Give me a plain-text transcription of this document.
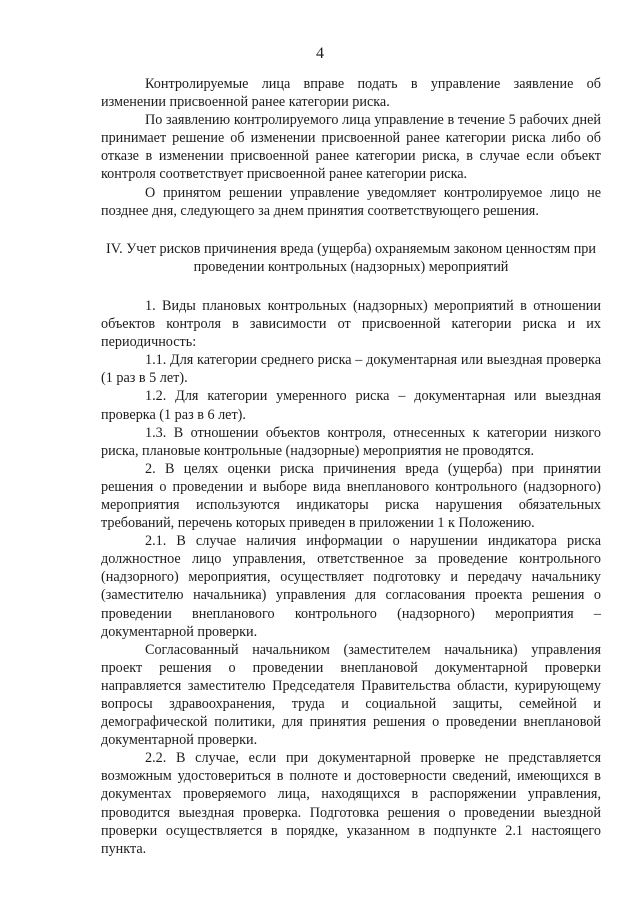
4

Контролируемые лица вправе подать в управление заявление об изменении присвоенной ранее категории риска.

По заявлению контролируемого лица управление в течение 5 рабочих дней принимает решение об изменении присвоенной ранее категории риска либо об отказе в изменении присвоенной ранее категории риска, в случае если объект контроля соответствует присвоенной ранее категории риска.

О принятом решении управление уведомляет контролируемое лицо не позднее дня, следующего за днем принятия соответствующего решения.

IV. Учет рисков причинения вреда (ущерба) охраняемым законом ценностям при проведении контрольных (надзорных) мероприятий

1. Виды плановых контрольных (надзорных) мероприятий в отношении объектов контроля в зависимости от присвоенной категории риска и их периодичность:

1.1. Для категории среднего риска – документарная или выездная проверка (1 раз в 5 лет).

1.2. Для категории умеренного риска – документарная или выездная проверка (1 раз в 6 лет).

1.3. В отношении объектов контроля, отнесенных к категории низкого риска, плановые контрольные (надзорные) мероприятия не проводятся.

2. В целях оценки риска причинения вреда (ущерба) при принятии решения о проведении и выборе вида внепланового контрольного (надзорного) мероприятия используются индикаторы риска нарушения обязательных требований, перечень которых приведен в приложении 1 к Положению.

2.1. В случае наличия информации о нарушении индикатора риска должностное лицо управления, ответственное за проведение контрольного (надзорного) мероприятия, осуществляет подготовку и передачу начальнику (заместителю начальника) управления для согласования проекта решения о проведении внепланового контрольного (надзорного) мероприятия – документарной проверки.

Согласованный начальником (заместителем начальника) управления проект решения о проведении внеплановой документарной проверки направляется заместителю Председателя Правительства области, курирующему вопросы здравоохранения, труда и социальной защиты, семейной и демографической политики, для принятия решения о проведении внеплановой документарной проверки.

2.2. В случае, если при документарной проверке не представляется возможным удостовериться в полноте и достоверности сведений, имеющихся в документах проверяемого лица, находящихся в распоряжении управления, проводится выездная проверка. Подготовка решения о проведении выездной проверки осуществляется в порядке, указанном в подпункте 2.1 настоящего пункта.
